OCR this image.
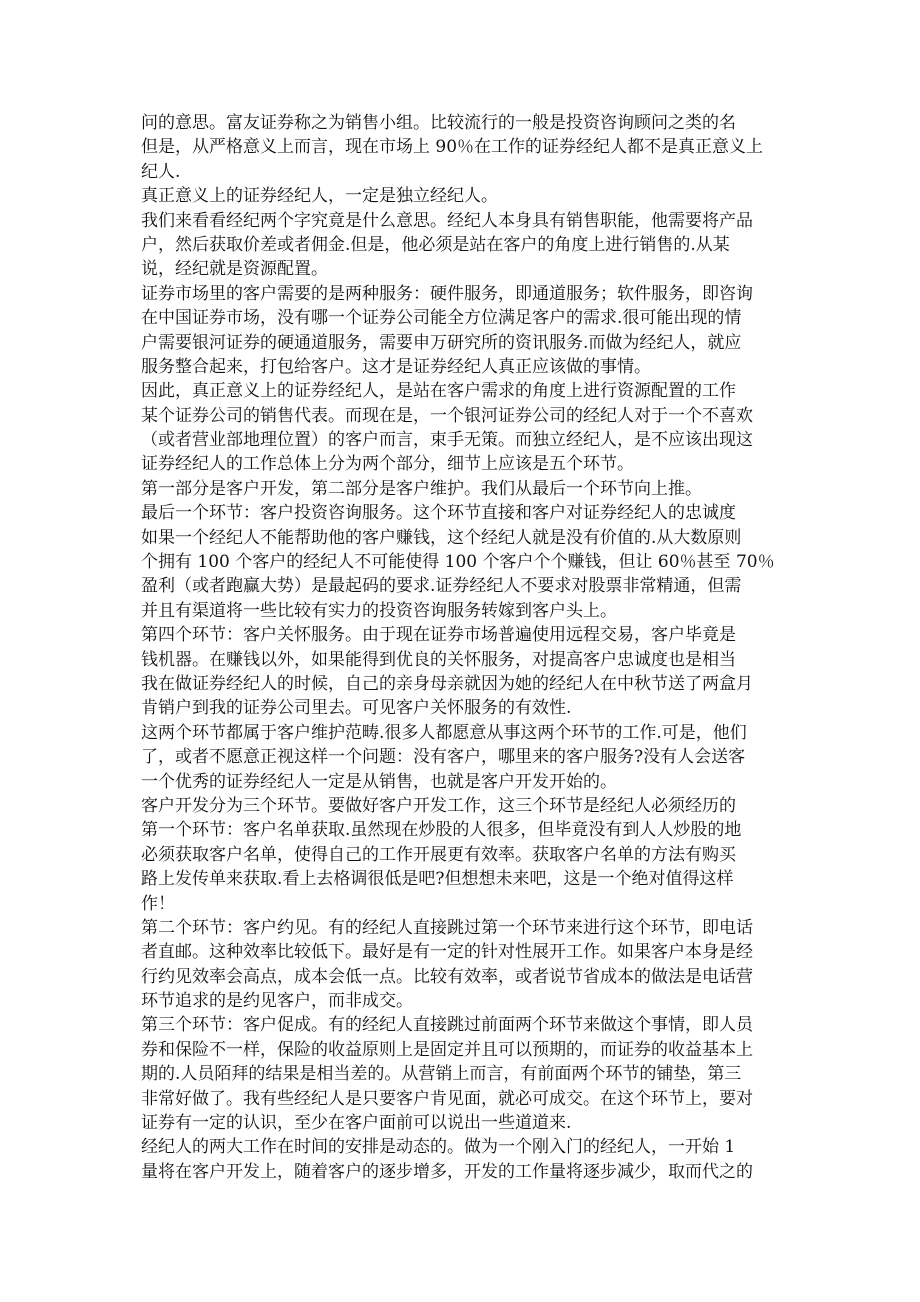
问的意思。富友证券称之为销售小组。比较流行的一般是投资咨询顾问之类的名
但是，从严格意义上而言，现在市场上 90％在工作的证券经纪人都不是真正意义上
纪人.
真正意义上的证券经纪人，一定是独立经纪人。
我们来看看经纪两个字究竟是什么意思。经纪人本身具有销售职能，他需要将产品
户，然后获取价差或者佣金.但是，他必须是站在客户的角度上进行销售的.从某
说，经纪就是资源配置。
证券市场里的客户需要的是两种服务：硬件服务，即通道服务；软件服务，即咨询
在中国证券市场，没有哪一个证券公司能全方位满足客户的需求.很可能出现的情
户需要银河证券的硬通道服务，需要申万研究所的资讯服务.而做为经纪人，就应
服务整合起来，打包给客户。这才是证券经纪人真正应该做的事情。
因此，真正意义上的证券经纪人，是站在客户需求的角度上进行资源配置的工作
某个证券公司的销售代表。而现在是，一个银河证券公司的经纪人对于一个不喜欢
（或者营业部地理位置）的客户而言，束手无策。而独立经纪人，是不应该出现这
证券经纪人的工作总体上分为两个部分，细节上应该是五个环节。
第一部分是客户开发，第二部分是客户维护。我们从最后一个环节向上推。
最后一个环节：客户投资咨询服务。这个环节直接和客户对证券经纪人的忠诚度
如果一个经纪人不能帮助他的客户赚钱，这个经纪人就是没有价值的.从大数原则
个拥有 100 个客户的经纪人不可能使得 100 个客户个个赚钱，但让 60％甚至 70％
盈利（或者跑赢大势）是最起码的要求.证券经纪人不要求对股票非常精通，但需
并且有渠道将一些比较有实力的投资咨询服务转嫁到客户头上。
第四个环节：客户关怀服务。由于现在证券市场普遍使用远程交易，客户毕竟是
钱机器。在赚钱以外，如果能得到优良的关怀服务，对提高客户忠诚度也是相当
我在做证券经纪人的时候，自己的亲身母亲就因为她的经纪人在中秋节送了两盒月
肯销户到我的证券公司里去。可见客户关怀服务的有效性.
这两个环节都属于客户维护范畴.很多人都愿意从事这两个环节的工作.可是，他们
了，或者不愿意正视这样一个问题：没有客户，哪里来的客户服务?没有人会送客
一个优秀的证券经纪人一定是从销售，也就是客户开发开始的。
客户开发分为三个环节。要做好客户开发工作，这三个环节是经纪人必须经历的
第一个环节：客户名单获取.虽然现在炒股的人很多，但毕竟没有到人人炒股的地
必须获取客户名单，使得自己的工作开展更有效率。获取客户名单的方法有购买
路上发传单来获取.看上去格调很低是吧?但想想未来吧，这是一个绝对值得这样
作！
第二个环节：客户约见。有的经纪人直接跳过第一个环节来进行这个环节，即电话
者直邮。这种效率比较低下。最好是有一定的针对性展开工作。如果客户本身是经
行约见效率会高点，成本会低一点。比较有效率，或者说节省成本的做法是电话营
环节追求的是约见客户，而非成交。
第三个环节：客户促成。有的经纪人直接跳过前面两个环节来做这个事情，即人员
券和保险不一样，保险的收益原则上是固定并且可以预期的，而证券的收益基本上
期的.人员陌拜的结果是相当差的。从营销上而言，有前面两个环节的铺垫，第三
非常好做了。我有些经纪人是只要客户肯见面，就必可成交。在这个环节上，要对
证券有一定的认识，至少在客户面前可以说出一些道道来.
经纪人的两大工作在时间的安排是动态的。做为一个刚入门的经纪人，一开始 1
量将在客户开发上，随着客户的逐步增多，开发的工作量将逐步减少，取而代之的
